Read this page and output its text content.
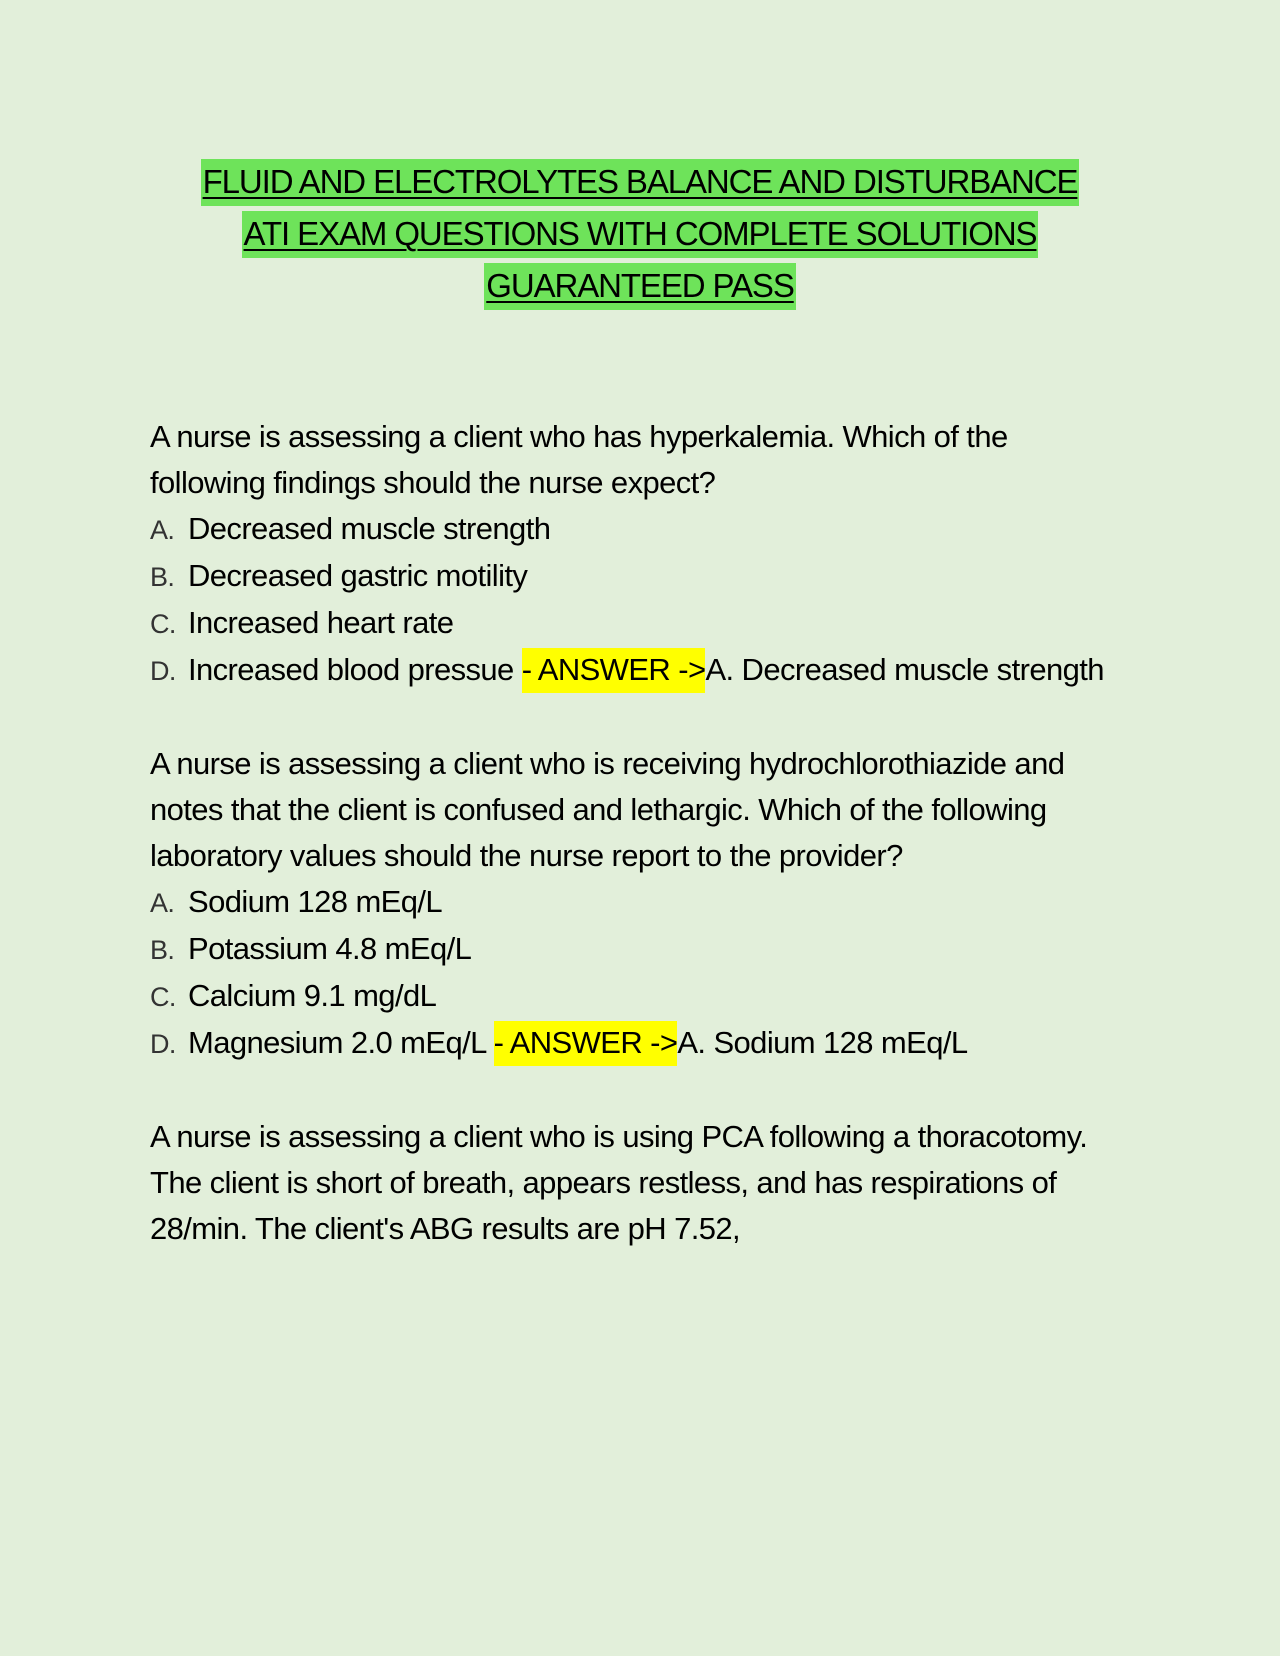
FLUID AND ELECTROLYTES BALANCE AND DISTURBANCE
ATI EXAM QUESTIONS WITH COMPLETE SOLUTIONS
GUARANTEED PASS
A nurse is assessing a client who has hyperkalemia. Which of the following findings should the nurse expect?
A. Decreased muscle strength
B. Decreased gastric motility
C. Increased heart rate
D. Increased blood pressue - ANSWER ->A. Decreased muscle strength
A nurse is assessing a client who is receiving hydrochlorothiazide and notes that the client is confused and lethargic. Which of the following laboratory values should the nurse report to the provider?
A. Sodium 128 mEq/L
B. Potassium 4.8 mEq/L
C. Calcium 9.1 mg/dL
D. Magnesium 2.0 mEq/L - ANSWER ->A. Sodium 128 mEq/L
A nurse is assessing a client who is using PCA following a thoracotomy.
The client is short of breath, appears restless, and has respirations of 28/min. The client's ABG results are pH 7.52,
